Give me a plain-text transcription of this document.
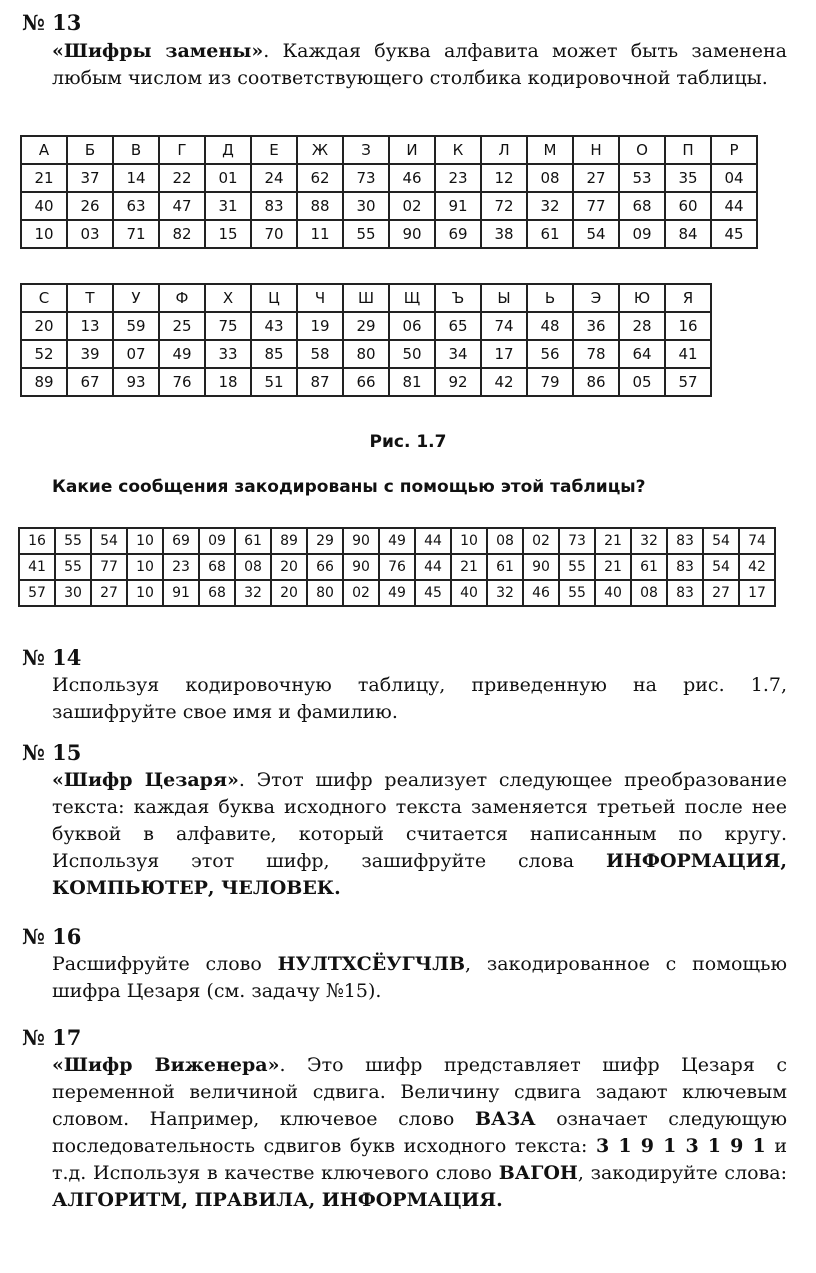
№ 13

«Шифры замены». Каждая буква алфавита может быть заменена любым числом из соответствующего столбика кодировочной таблицы.

А	Б	В	Г	Д	Е	Ж	З	И	К	Л	М	Н	О	П	Р
21	37	14	22	01	24	62	73	46	23	12	08	27	53	35	04
40	26	63	47	31	83	88	30	02	91	72	32	77	68	60	44
10	03	71	82	15	70	11	55	90	69	38	61	54	09	84	45
С	Т	У	Ф	Х	Ц	Ч	Ш	Щ	Ъ	Ы	Ь	Э	Ю	Я
20	13	59	25	75	43	19	29	06	65	74	48	36	28	16
52	39	07	49	33	85	58	80	50	34	17	56	78	64	41
89	67	93	76	18	51	87	66	81	92	42	79	86	05	57

Рис. 1.7

Какие сообщения закодированы с помощью этой таблицы?

16	55	54	10	69	09	61	89	29	90	49	44	10	08	02	73	21	32	83	54	74
41	55	77	10	23	68	08	20	66	90	76	44	21	61	90	55	21	61	83	54	42
57	30	27	10	91	68	32	20	80	02	49	45	40	32	46	55	40	08	83	27	17

№ 14

Используя кодировочную таблицу, приведенную на рис. 1.7, зашифруйте свое имя и фамилию.

№ 15

«Шифр Цезаря». Этот шифр реализует следующее преобразование текста: каждая буква исходного текста заменяется третьей после нее буквой в алфавите, который считается написанным по кругу. Используя этот шифр, зашифруйте слова ИНФОРМАЦИЯ, КОМПЬЮТЕР, ЧЕЛОВЕК.

№ 16

Расшифруйте слово НУЛТХСЁУГЧЛВ, закодированное с помощью шифра Цезаря (см. задачу №15).

№ 17

«Шифр Виженера». Это шифр представляет шифр Цезаря с переменной величиной сдвига. Величину сдвига задают ключевым словом. Например, ключевое слово ВАЗА означает следующую последовательность сдвигов букв исходного текста: 3 1 9 1 3 1 9 1 и т.д. Используя в качестве ключевого слово ВАГОН, закодируйте слова: АЛГОРИТМ, ПРАВИЛА, ИНФОРМАЦИЯ.
